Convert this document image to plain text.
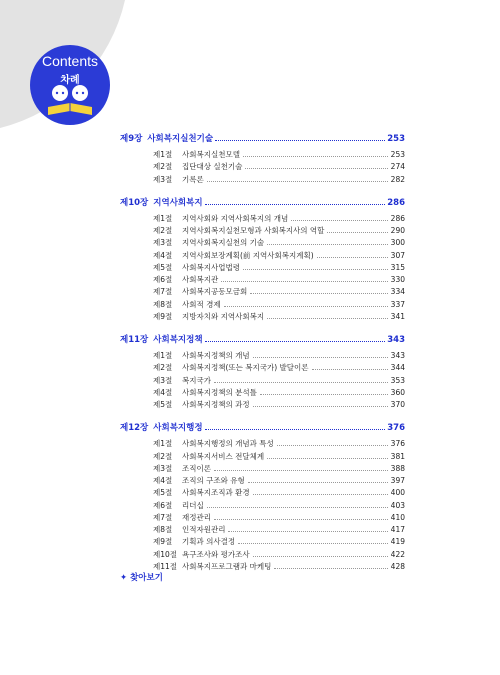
Contents
차례
제9장 사회복지실천기술	253
제1절	사회복지실천모델	253
제2절	집단대상 실천기술	274
제3절	기록론	282
제10장 지역사회복지	286
제1절	지역사회와 지역사회복지의 개념	286
제2절	지역사회복지실천모형과 사회복지사의 역할	290
제3절	지역사회복지실천의 기술	300
제4절	지역사회보장계획(前 지역사회복지계획)	307
제5절	사회복지사업법령	315
제6절	사회복지관	330
제7절	사회복지공동모금회	334
제8절	사회적 경제	337
제9절	지방자치와 지역사회복지	341
제11장 사회복지정책	343
제1절	사회복지정책의 개념	343
제2절	사회복지정책(또는 복지국가) 발달이론	344
제3절	복지국가	353
제4절	사회복지정책의 분석틀	360
제5절	사회복지정책의 과정	370
제12장 사회복지행정	376
제1절	사회복지행정의 개념과 특성	376
제2절	사회복지서비스 전달체계	381
제3절	조직이론	388
제4절	조직의 구조와 유형	397
제5절	사회복지조직과 환경	400
제6절	리더십	403
제7절	재정관리	410
제8절	인적자원관리	417
제9절	기획과 의사결정	419
제10절 욕구조사와 평가조사	422
제11절 사회복지프로그램과 마케팅	428
✦ 찾아보기
